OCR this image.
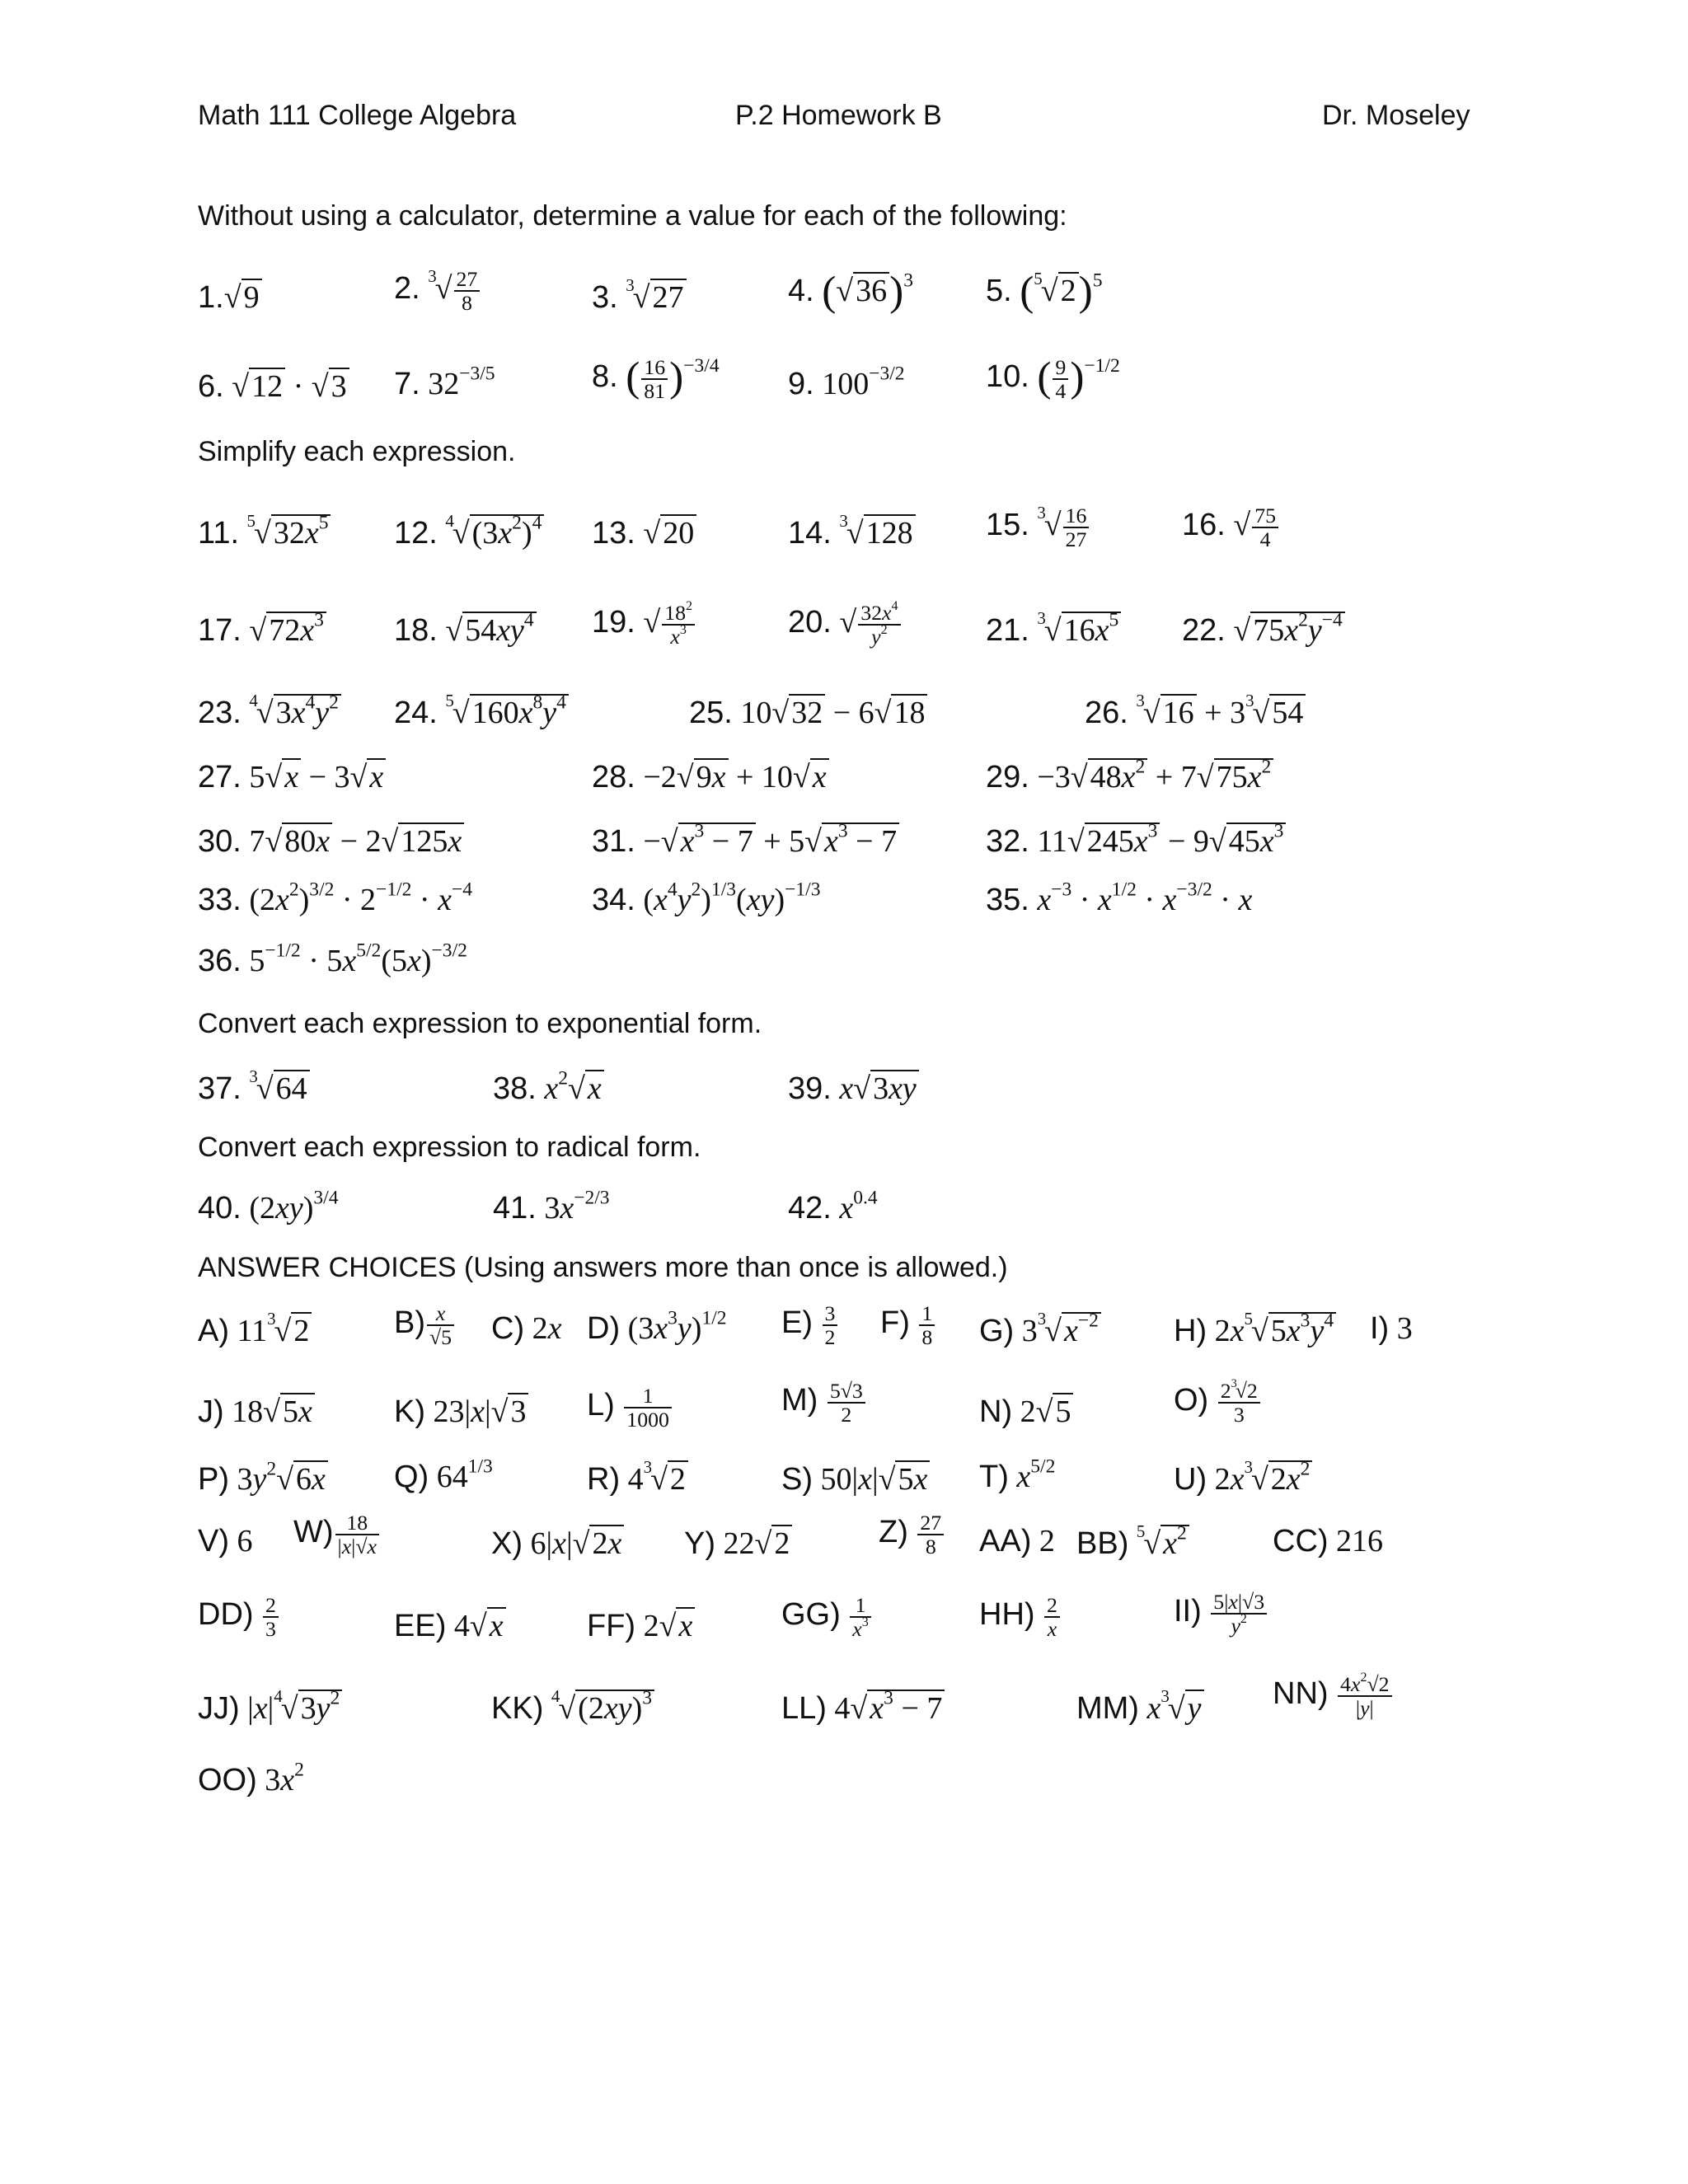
Math 111 College Algebra	P.2 Homework B	Dr. Moseley
Without using a calculator, determine a value for each of the following:
1.√9	2. $^3√ \frac{27}{8}$	3. $^3$√27	4. $(√36)^3$ 5. $(^5√2)^5$
6. √12 · √3 7. $32^{-3/5}$	8. ( $\frac{16}{81} )^{-3/4}$
9. $100^{-3/2}$	10. ( $\frac{9}{4} )^{-1/2}$
Simplify each expression.
11. $^5√32x^5$ 12. $^4√(3x^2)^4$ 13. √20	14. $^3$√128 15. $^3√ \frac{16}{27}$	16. √ $\frac{75}{4}$
17. $√72x^3$ 18. $√54xy^4$ 19. √ $\frac{18^2}{x^3}$	20. √ $\frac{32x^4}{y^2}$	21. $^3√16x^5$ 22. $√75x^2y^{-4}$
23. $^4√3x^4y^2$ 24. $^5√160x^8y^4$	25. 10√32 − 6√18	26. $^3√16 + 3^3√54$
27. 5√x − 3√x	28. −2√9x + 10√x	29. $-3√48x^2 + 7√75x^2$
30. 7√80x − 2√125x	31. $-√x^3 - 7 + 5√x^3 - 7$	32. $11√245x^3 - 9√45x^3$
33. $(2x^2)^{3/2} \cdot 2^{-1/2} \cdot x^{-4}$	34. $(x^4y^2)^{1/3}(xy)^{-1/3}$	35. $x^{-3} \cdot x^{1/2} \cdot x^{-3/2} \cdot x$
36. $5^{-1/2} \cdot 5x^{5/2}(5x)^{-3/2}$
Convert each expression to exponential form.
37. $^3$√64	38. $x^2√x$	39. x√3xy
Convert each expression to radical form.
40. $(2xy)^{3/4}$	41. $3x^{-2/3}$	42. $x^{0.4}$
ANSWER CHOICES (Using answers more than once is allowed.)
A) $11^3√2$	$B) \frac{x}{√5} C$) 2x D) $(3x^3y)^{1/2}$ $E) \frac{3}{2} F) \frac{1}{8} G$) $3^3√x^{-2}$ H) $2x^5√5x^3y^4$ I) 3
J) 18√5x	K) 23|x|√3 $L) \frac{1}{1000}$	$M) \frac{5√3}{2}$	N) 2√5	$O) \frac{2^3√2}{3}$
P) $3y^2√6x$ Q) $64^{1/3}$	R) $4^3√2$	S) 50|x|√5x T) $x^{5/2}$	U) $2x^3√2x^2$
V) 6 $W) \frac{18}{|x|√x}$	X) 6|x|√2x Y) 22√2	$Z) \frac{27}{8} AA$) 2 BB) $^5√x^2$	CC) 216
$DD) \frac{2}{3}$	EE) 4√x	FF) 2√x	$GG) \frac{1}{x^3}$	$HH) \frac{2}{x}$	$II) \frac{5|x|√3}{y^2}$
JJ) $|x|^4√3y^2$	KK) $^4√(2xy)^3$	LL) $4√x^3 - 7$	MM) $x^3√y$ $NN) \frac{4x^2√2}{|y|}$
OO) $3x^2$
